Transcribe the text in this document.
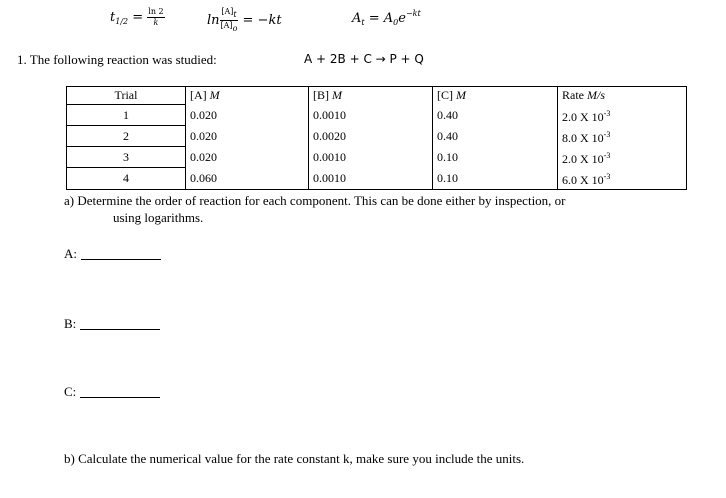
$t_{1/2} = \frac{\ln 2}{k}$	$\ln \frac{[A]t}{[A]o} = -kt$	$A_t = A_0e^{-kt}$
1. The following reaction was studied:	A + 2B + C → P + Q
Trial	[A] M	[B] M	[C] M	Rate M/s
1	0.020	0.0010	0.40	2.0 X $10^{-3}$
2	0.020	0.0020	0.40	8.0 X $10^{-3}$
3	0.020	0.0010	0.10	2.0 X $10^{-3}$
4	0.060	0.0010	0.10	6.0 X $10^{-3}$
a) Determine the order of reaction for each component. This can be done either by inspection, or
using logarithms.
A:
B:
C:
b) Calculate the numerical value for the rate constant k, make sure you include the units.
